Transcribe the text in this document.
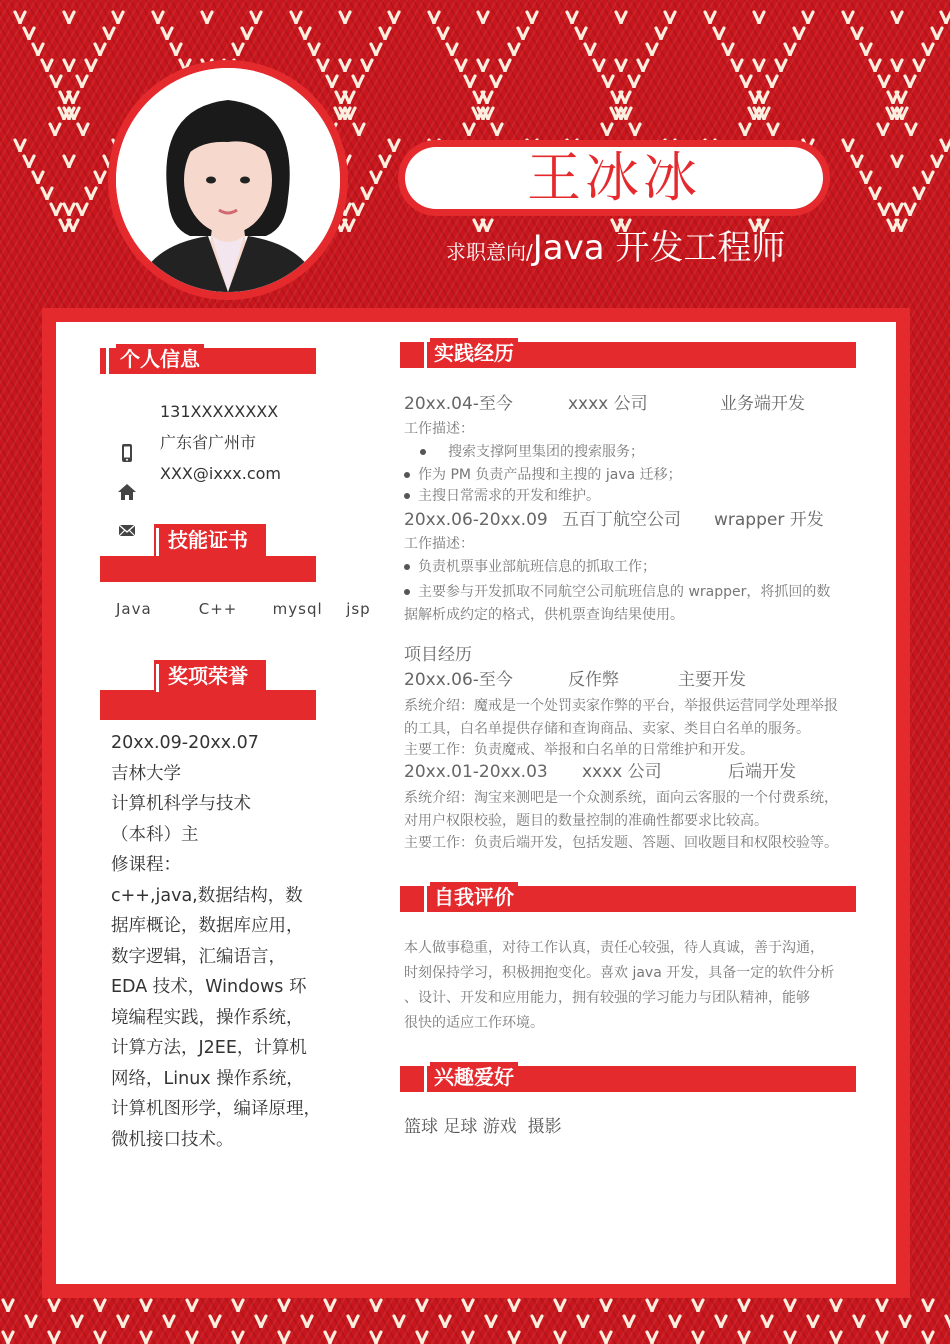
王冰冰
求职意向/Java 开发工程师
个人信息
131XXXXXXXX
广东省广州市
XXX@ixxx.com
技能证书
Java    C++   mysql  jsp
奖项荣誉
20xx.09-20xx.07
吉林大学
计算机科学与技术
（本科）主
修课程：
c++,java,数据结构，数
据库概论，数据库应用，
数字逻辑，汇编语言，
EDA 技术，Windows 环
境编程实践，操作系统，
计算方法，J2EE，计算机
网络，Linux 操作系统，
计算机图形学，编译原理，
微机接口技术。
实践经历
20xx.04-至今	xxxx 公司	业务端开发
工作描述：
  搜索支撑阿里集团的搜索服务；
作为 PM 负责产品搜和主搜的 java 迁移；
主搜日常需求的开发和维护。
20xx.06-20xx.09 五百丁航空公司 wrapper 开发
工作描述：
负责机票事业部航班信息的抓取工作；
主要参与开发抓取不同航空公司航班信息的 wrapper，将抓回的数
据解析成约定的格式，供机票查询结果使用。
项目经历
20xx.06-至今	反作弊	主要开发
系统介绍：魔戒是一个处罚卖家作弊的平台，举报供运营同学处理举报
的工具，白名单提供存储和查询商品、卖家、类目白名单的服务。
主要工作：负责魔戒、举报和白名单的日常维护和开发。
20xx.01-20xx.03 xxxx 公司	后端开发
系统介绍：淘宝来测吧是一个众测系统，面向云客服的一个付费系统，
对用户权限校验，题目的数量控制的准确性都要求比较高。
主要工作：负责后端开发，包括发题、答题、回收题目和权限校验等。
自我评价
本人做事稳重，对待工作认真，责任心较强，待人真诚，善于沟通，
时刻保持学习，积极拥抱变化。喜欢 java 开发，具备一定的软件分析
、设计、开发和应用能力，拥有较强的学习能力与团队精神，能够
很快的适应工作环境。
兴趣爱好
篮球 足球 游戏  摄影
